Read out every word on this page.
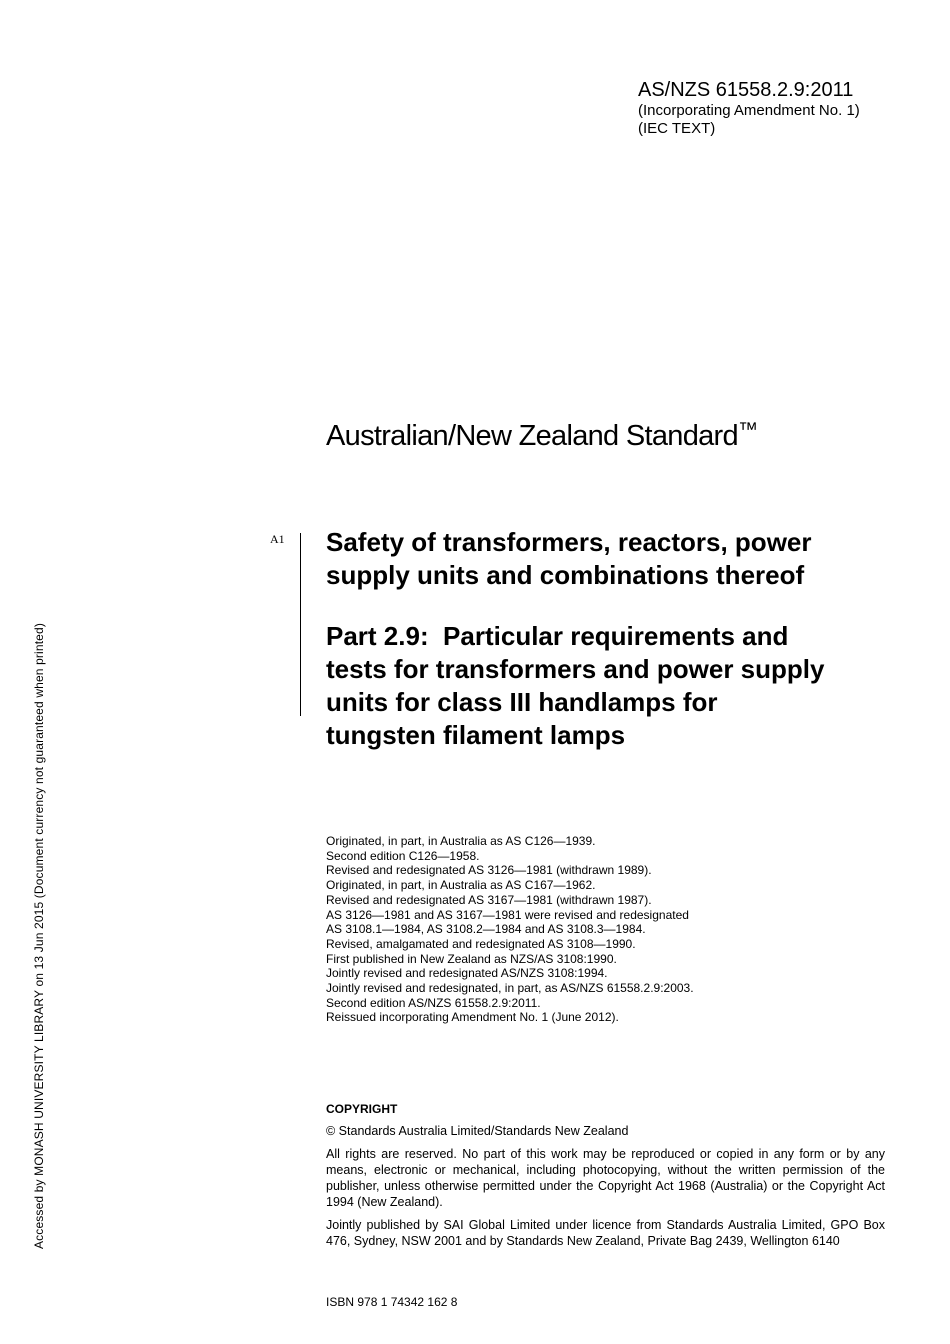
AS/NZS 61558.2.9:2011
(Incorporating Amendment No. 1)
(IEC TEXT)
Australian/New Zealand Standard™
A1 Safety of transformers, reactors, power
supply units and combinations thereof
Part 2.9:  Particular requirements and
tests for transformers and power supply
units for class III handlamps for
tungsten filament lamps
Originated, in part, in Australia as AS C126—1939.
Second edition C126—1958.
Revised and redesignated AS 3126—1981 (withdrawn 1989).
Originated, in part, in Australia as AS C167—1962.
Revised and redesignated AS 3167—1981 (withdrawn 1987).
AS 3126—1981 and AS 3167—1981 were revised and redesignated
AS 3108.1—1984, AS 3108.2—1984 and AS 3108.3—1984.
Revised, amalgamated and redesignated AS 3108—1990.
First published in New Zealand as NZS/AS 3108:1990.
Jointly revised and redesignated AS/NZS 3108:1994.
Jointly revised and redesignated, in part, as AS/NZS 61558.2.9:2003.
Second edition AS/NZS 61558.2.9:2011.
Reissued incorporating Amendment No. 1 (June 2012).
COPYRIGHT
© Standards Australia Limited/Standards New Zealand

All rights are reserved. No part of this work may be reproduced or copied in any form or by any means, electronic or mechanical, including photocopying, without the written permission of the publisher, unless otherwise permitted under the Copyright Act 1968 (Australia) or the Copyright Act 1994 (New Zealand).

Jointly published by SAI Global Limited under licence from Standards Australia Limited, GPO Box 476, Sydney, NSW 2001 and by Standards New Zealand, Private Bag 2439, Wellington 6140

ISBN 978 1 74342 162 8
Accessed by MONASH UNIVERSITY LIBRARY on 13 Jun 2015 (Document currency not guaranteed when printed)
